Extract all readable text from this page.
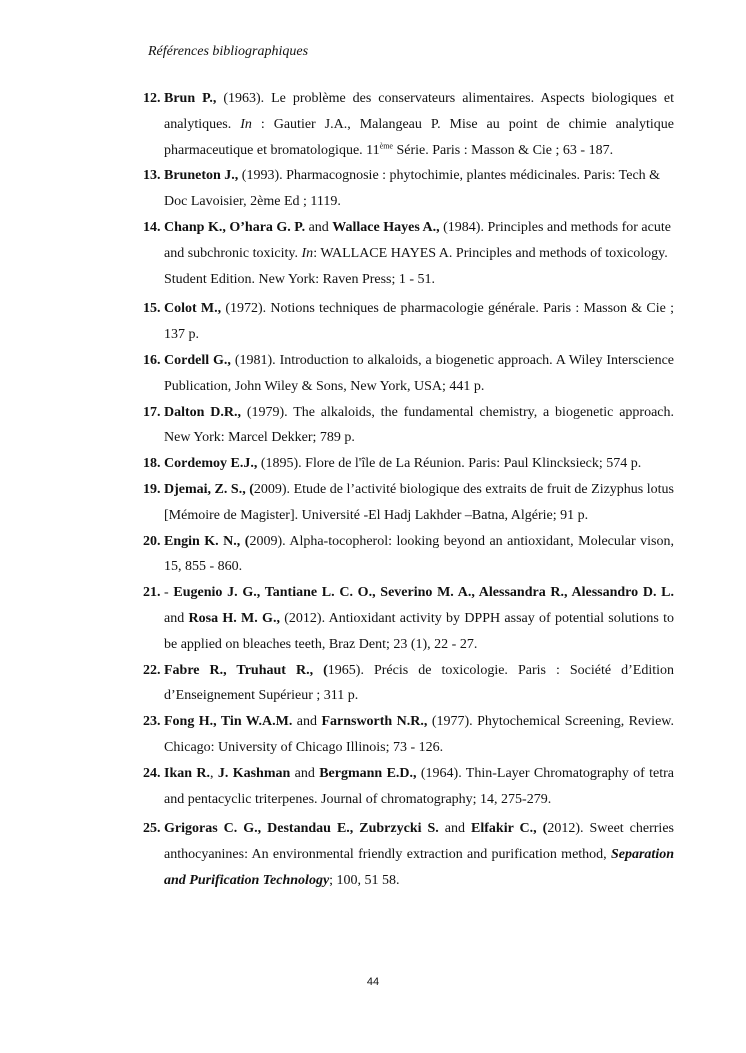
Références bibliographiques
12. Brun P., (1963). Le problème des conservateurs alimentaires. Aspects biologiques et analytiques. In : Gautier J.A., Malangeau P. Mise au point de chimie analytique pharmaceutique et bromatologique. 11ème Série. Paris : Masson & Cie ; 63 - 187.
13. Bruneton J., (1993). Pharmacognosie : phytochimie, plantes médicinales. Paris: Tech & Doc Lavoisier, 2ème Ed ; 1119.
14. Chanp K., O’hara G. P. and Wallace Hayes A., (1984). Principles and methods for acute and subchronic toxicity. In: WALLACE HAYES A. Principles and methods of toxicology. Student Edition. New York: Raven Press; 1 - 51.
15. Colot M., (1972). Notions techniques de pharmacologie générale. Paris : Masson & Cie ; 137 p.
16. Cordell G., (1981). Introduction to alkaloids, a biogenetic approach. A Wiley Interscience Publication, John Wiley & Sons, New York, USA; 441 p.
17. Dalton D.R., (1979). The alkaloids, the fundamental chemistry, a biogenetic approach. New York: Marcel Dekker; 789 p.
18. Cordemoy E.J., (1895). Flore de l'île de La Réunion. Paris: Paul Klincksieck; 574 p.
19. Djemai, Z. S., (2009). Etude de l’activité biologique des extraits de fruit de Zizyphus lotus [Mémoire de Magister]. Université -El Hadj Lakhder –Batna, Algérie; 91 p.
20. Engin K. N., (2009). Alpha-tocopherol: looking beyond an antioxidant, Molecular vison, 15, 855 - 860.
21. - Eugenio J. G., Tantiane L. C. O., Severino M. A., Alessandra R., Alessandro D. L. and Rosa H. M. G., (2012). Antioxidant activity by DPPH assay of potential solutions to be applied on bleaches teeth, Braz Dent; 23 (1), 22 - 27.
22. Fabre R., Truhaut R., (1965). Précis de toxicologie. Paris : Société d’Edition d’Enseignement Supérieur ; 311 p.
23. Fong H., Tin W.A.M. and Farnsworth N.R., (1977). Phytochemical Screening, Review. Chicago: University of Chicago Illinois; 73 - 126.
24. Ikan R., J. Kashman and Bergmann E.D., (1964). Thin-Layer Chromatography of tetra and pentacyclic triterpenes. Journal of chromatography; 14, 275-279.
25. Grigoras C. G., Destandau E., Zubrzycki S. and Elfakir C., (2012). Sweet cherries anthocyanines: An environmental friendly extraction and purification method, Separation and Purification Technology; 100, 51 58.
44
